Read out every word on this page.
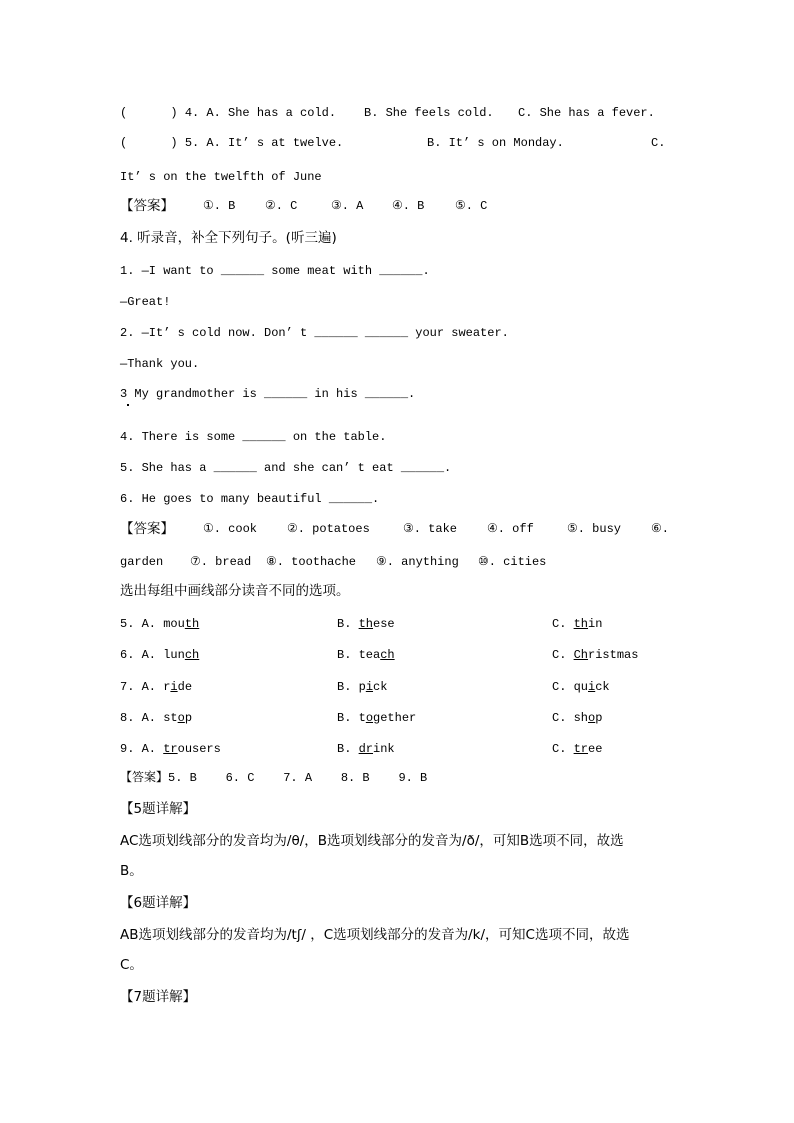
(      ) 4. A. She has a cold. B. She feels cold. C. She has a fever.
(      ) 5. A. It’ s at twelve.	B. It’ s on Monday.	C.
It’ s on the twelfth of June
【答案】 ①. B ②. C	③. A ④. B	⑤. C
4. 听录音，补全下列句子。(听三遍)
1. —I want to ______ some meat with ______.
—Great!
2. —It’ s cold now. Don’ t ______ ______ your sweater.
—Thank you.
3 My grandmother is ______ in his ______.
4. There is some ______ on the table.
5. She has a ______ and she can’ t eat ______.
6. He goes to many beautiful ______.
【答案】 ①. cook	②. potatoes	③. take	④. off	⑤. busy	⑥.
garden ⑦. bread ⑧. toothache ⑨. anything ⑩. cities
选出每组中画线部分读音不同的选项。
5. A. mouth	B. these	C. thin
6. A. lunch	B. teach	C. Christmas
7. A. ride	B. pick	C. quick
8. A. stop	B. together	C. shop
9. A. trousers	B. drink	C. tree
【答案】5. B    6. C    7. A    8. B    9. B
【5题详解】
AC选项划线部分的发音均为/θ/，B选项划线部分的发音为/ð/，可知B选项不同，故选
B。
【6题详解】
AB选项划线部分的发音均为/tʃ/ ，C选项划线部分的发音为/k/，可知C选项不同，故选
C。
【7题详解】
